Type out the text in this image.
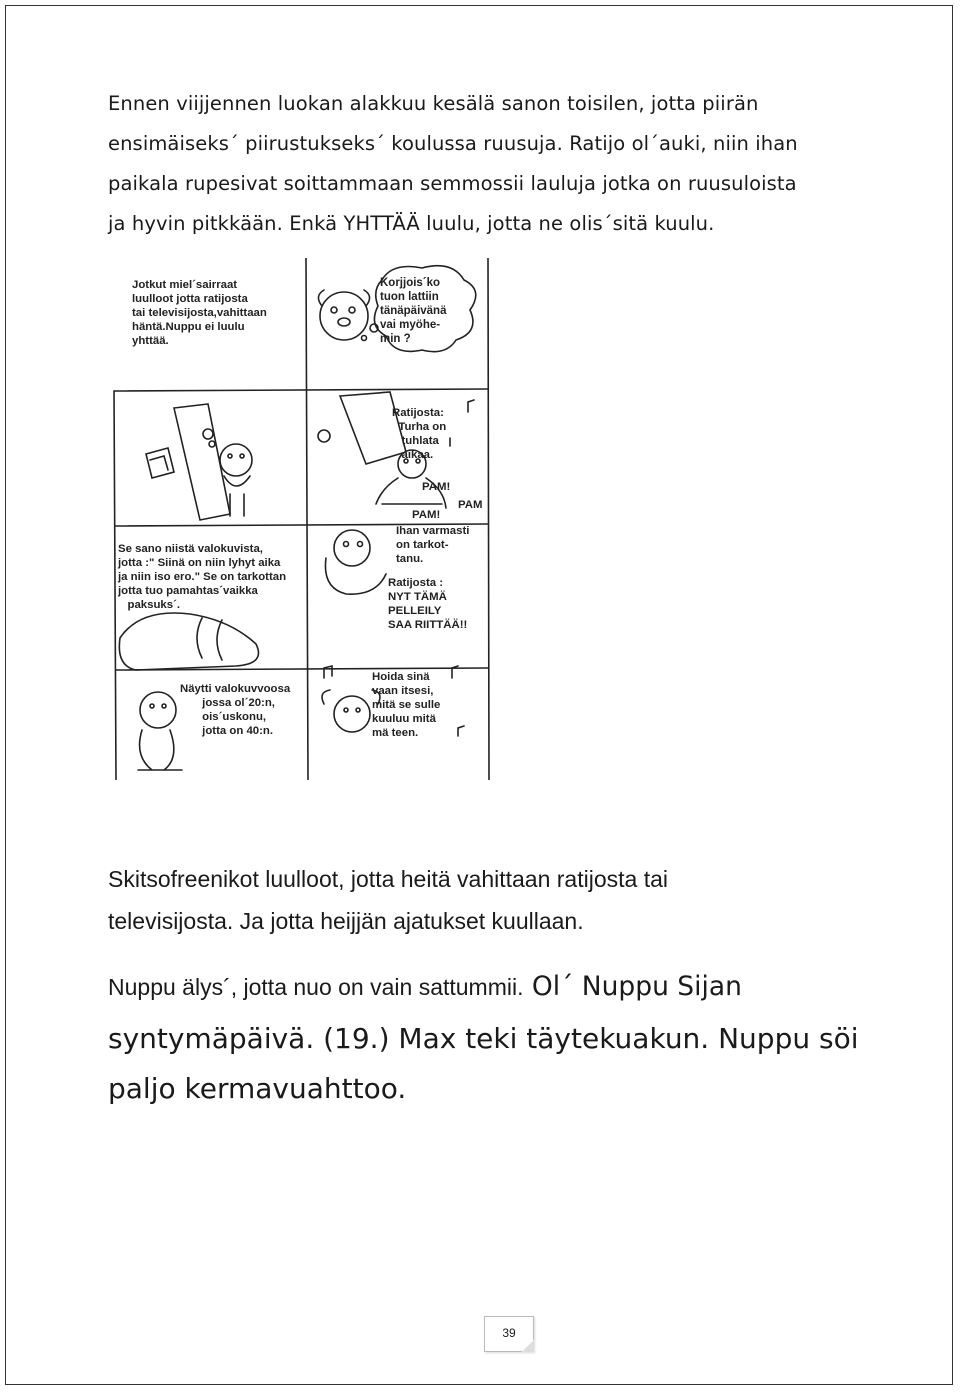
Ennen viijjennen luokan alakkuu kesälä sanon toisilen, jotta piirän

ensimäiseks´ piirustukseks´ koulussa ruusuja. Ratijo ol´auki, niin ihan

paikala rupesivat soittammaan semmossii lauluja jotka on ruusuloista

ja hyvin pitkkään. Enkä YHTTÄÄ luulu, jotta ne olis´sitä kuulu.

Jotkut miel´sairraat
luulloot jotta ratijosta
tai televisijosta,vahittaan
häntä.Nuppu ei luulu
yhttää.
Korjjois´ko
tuon lattiin
tänäpäivänä
vai myöhe-
min ?
Ratijosta:
Turha on
tuhlata
aikaa.
PAM!
PAM
PAM!
Ihan varmasti
on tarkot-
tanu.
Se sano niistä valokuvista,
jotta :" Siinä on niin lyhyt aika
ja niin iso ero." Se on tarkottan
jotta tuo pamahtas´vaikka
paksuks´.
Ratijosta :
NYT TÄMÄ
PELLEILY
SAA RIITTÄÄ!!
Näytti valokuvvoosa
jossa ol´20:n,
ois´uskonu,
jotta on 40:n.
Hoida sinä
vaan itsesi,
mitä se sulle
kuuluu mitä
mä teen.

Skitsofreenikot luulloot, jotta heitä vahittaan ratijosta tai

televisijosta. Ja jotta heijjän ajatukset kuullaan.

Nuppu älys´, jotta nuo on vain sattummii. Ol´ Nuppu Sijan

syntymäpäivä. (19.) Max teki täytekuakun. Nuppu söi

paljo kermavuahttoo.

39
